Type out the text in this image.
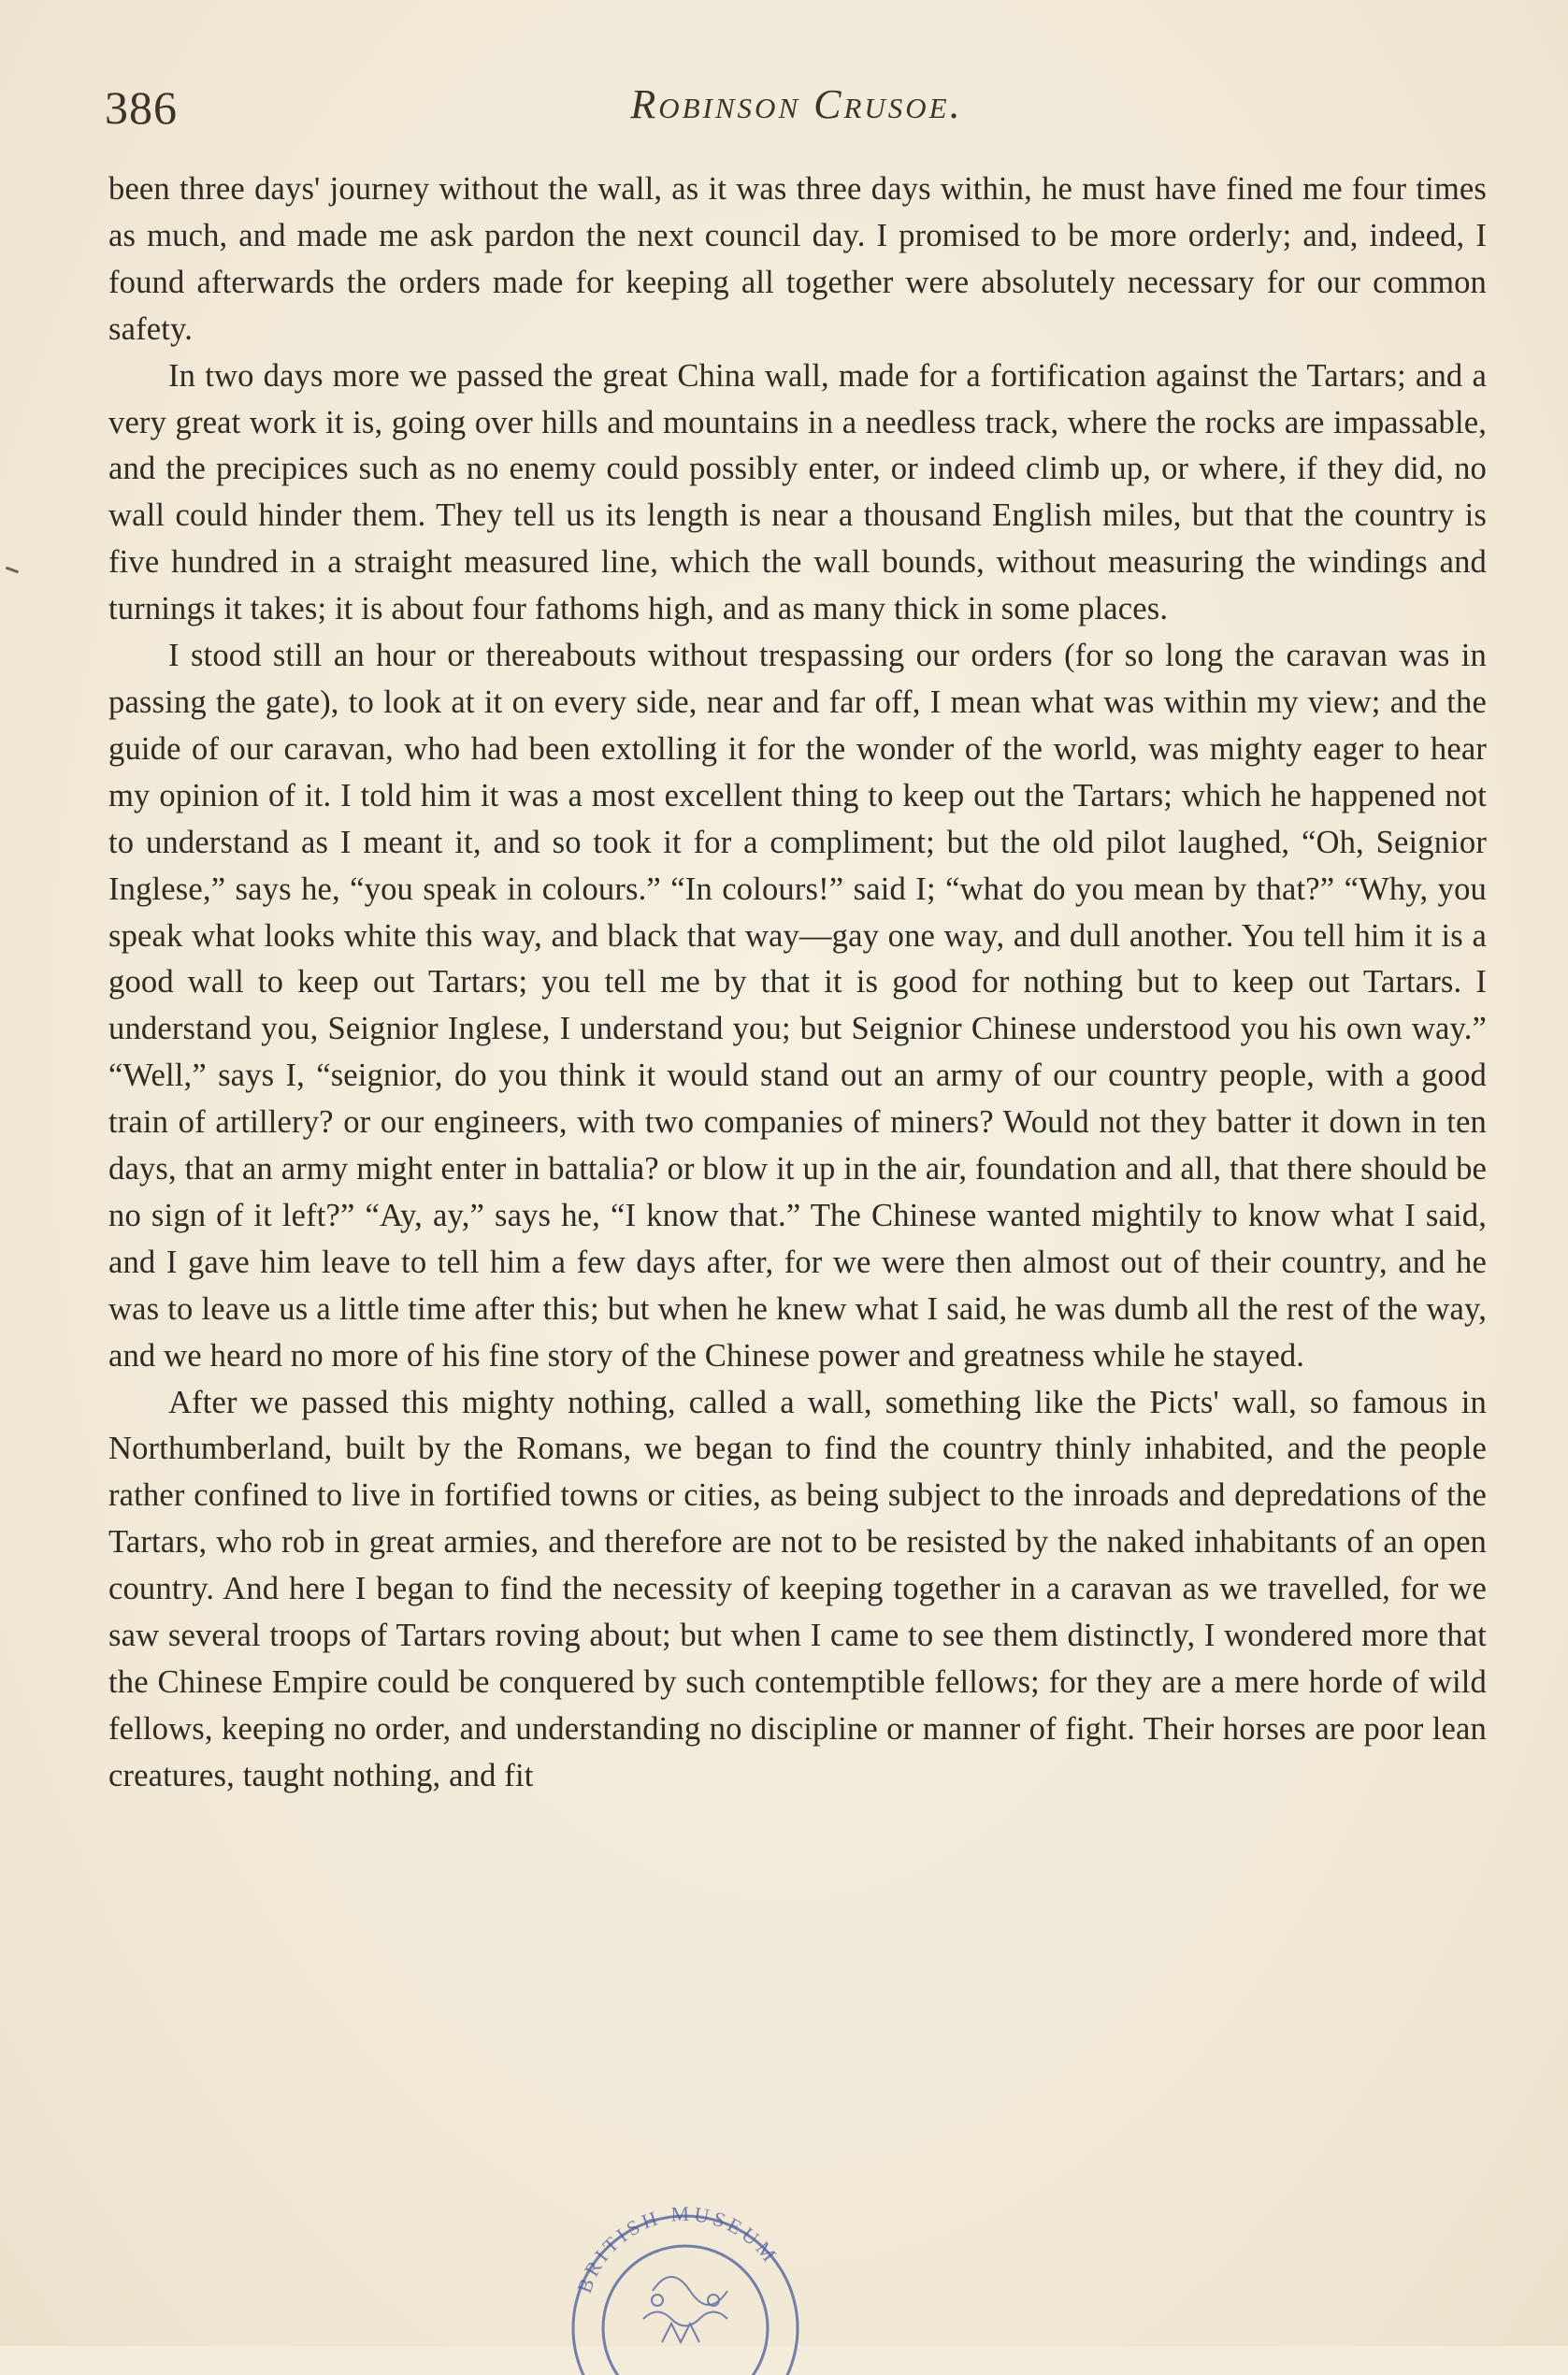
386	Robinson Crusoe.

been three days' journey without the wall, as it was three days within, he must have fined me four times as much, and made me ask pardon the next council day. I promised to be more orderly; and, indeed, I found afterwards the orders made for keeping all together were absolutely necessary for our common safety.

In two days more we passed the great China wall, made for a fortification against the Tartars; and a very great work it is, going over hills and mountains in a needless track, where the rocks are impassable, and the precipices such as no enemy could possibly enter, or indeed climb up, or where, if they did, no wall could hinder them. They tell us its length is near a thousand English miles, but that the country is five hundred in a straight measured line, which the wall bounds, without measuring the windings and turnings it takes; it is about four fathoms high, and as many thick in some places.

I stood still an hour or thereabouts without trespassing our orders (for so long the caravan was in passing the gate), to look at it on every side, near and far off, I mean what was within my view; and the guide of our caravan, who had been extolling it for the wonder of the world, was mighty eager to hear my opinion of it. I told him it was a most excellent thing to keep out the Tartars; which he happened not to understand as I meant it, and so took it for a compliment; but the old pilot laughed, “Oh, Seignior Inglese,” says he, “you speak in colours.” “In colours!” said I; “what do you mean by that?” “Why, you speak what looks white this way, and black that way—gay one way, and dull another. You tell him it is a good wall to keep out Tartars; you tell me by that it is good for nothing but to keep out Tartars. I understand you, Seignior Inglese, I understand you; but Seignior Chinese understood you his own way.” “Well,” says I, “seignior, do you think it would stand out an army of our country people, with a good train of artillery? or our engineers, with two companies of miners? Would not they batter it down in ten days, that an army might enter in battalia? or blow it up in the air, foundation and all, that there should be no sign of it left?” “Ay, ay,” says he, “I know that.” The Chinese wanted mightily to know what I said, and I gave him leave to tell him a few days after, for we were then almost out of their country, and he was to leave us a little time after this; but when he knew what I said, he was dumb all the rest of the way, and we heard no more of his fine story of the Chinese power and greatness while he stayed.

After we passed this mighty nothing, called a wall, something like the Picts' wall, so famous in Northumberland, built by the Romans, we began to find the country thinly inhabited, and the people rather confined to live in fortified towns or cities, as being subject to the inroads and depredations of the Tartars, who rob in great armies, and therefore are not to be resisted by the naked inhabitants of an open country. And here I began to find the necessity of keeping together in a caravan as we travelled, for we saw several troops of Tartars roving about; but when I came to see them distinctly, I wondered more that the Chinese Empire could be conquered by such contemptible fellows; for they are a mere horde of wild fellows, keeping no order, and understanding no discipline or manner of fight. Their horses are poor lean creatures, taught nothing, and fit

BRITISH MUSEUM
